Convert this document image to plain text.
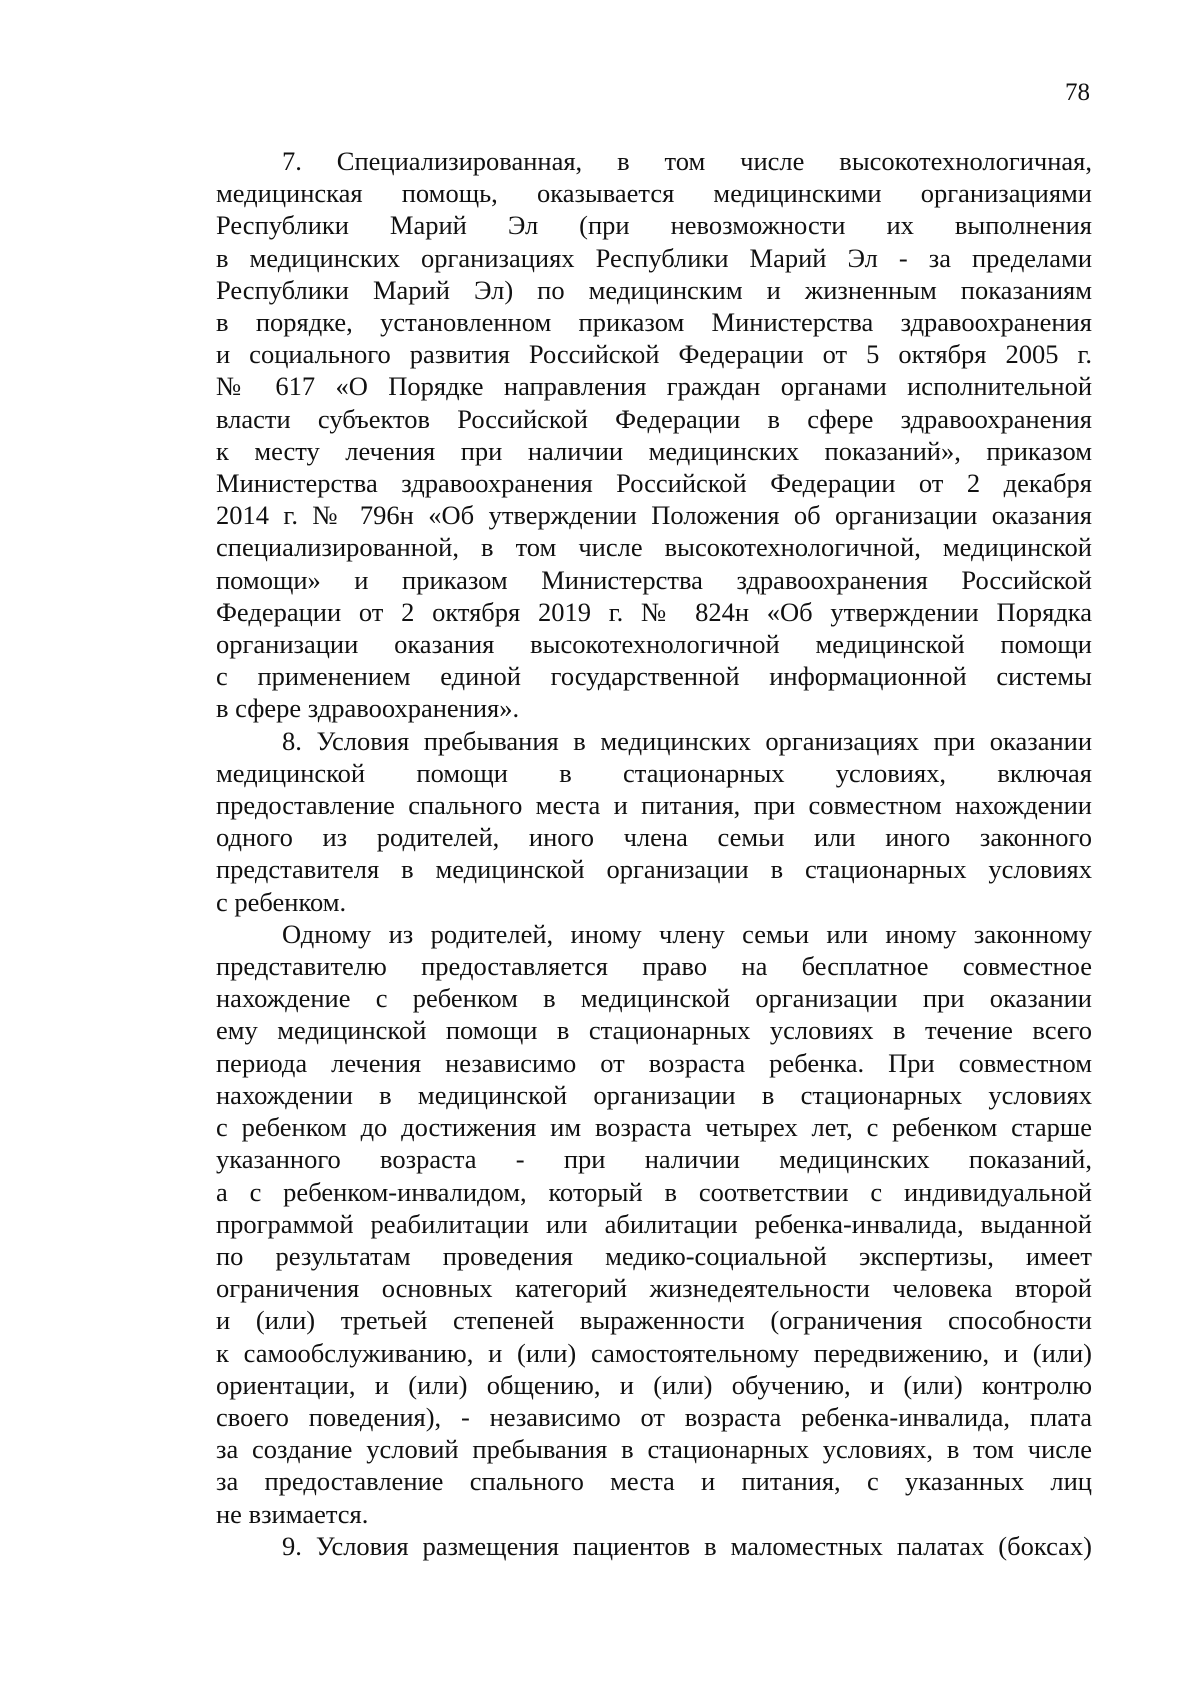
78

7. Специализированная, в том числе высокотехнологичная,
медицинская помощь, оказывается медицинскими организациями
Республики Марий Эл (при невозможности их выполнения
в медицинских организациях Республики Марий Эл - за пределами
Республики Марий Эл) по медицинским и жизненным показаниям
в порядке, установленном приказом Министерства здравоохранения
и социального развития Российской Федерации от 5 октября 2005 г.
№ 617 «О Порядке направления граждан органами исполнительной
власти субъектов Российской Федерации в сфере здравоохранения
к месту лечения при наличии медицинских показаний», приказом
Министерства здравоохранения Российской Федерации от 2 декабря
2014 г. № 796н «Об утверждении Положения об организации оказания
специализированной, в том числе высокотехнологичной, медицинской
помощи» и приказом Министерства здравоохранения Российской
Федерации от 2 октября 2019 г. № 824н «Об утверждении Порядка
организации оказания высокотехнологичной медицинской помощи
с применением единой государственной информационной системы
в сфере здравоохранения».

8. Условия пребывания в медицинских организациях при оказании
медицинской помощи в стационарных условиях, включая
предоставление спального места и питания, при совместном нахождении
одного из родителей, иного члена семьи или иного законного
представителя в медицинской организации в стационарных условиях
с ребенком.

Одному из родителей, иному члену семьи или иному законному
представителю предоставляется право на бесплатное совместное
нахождение с ребенком в медицинской организации при оказании
ему медицинской помощи в стационарных условиях в течение всего
периода лечения независимо от возраста ребенка. При совместном
нахождении в медицинской организации в стационарных условиях
с ребенком до достижения им возраста четырех лет, с ребенком старше
указанного возраста - при наличии медицинских показаний,
а с ребенком-инвалидом, который в соответствии с индивидуальной
программой реабилитации или абилитации ребенка-инвалида, выданной
по результатам проведения медико-социальной экспертизы, имеет
ограничения основных категорий жизнедеятельности человека второй
и (или) третьей степеней выраженности (ограничения способности
к самообслуживанию, и (или) самостоятельному передвижению, и (или)
ориентации, и (или) общению, и (или) обучению, и (или) контролю
своего поведения), - независимо от возраста ребенка-инвалида, плата
за создание условий пребывания в стационарных условиях, в том числе
за предоставление спального места и питания, с указанных лиц
не взимается.

9. Условия размещения пациентов в маломестных палатах (боксах)
